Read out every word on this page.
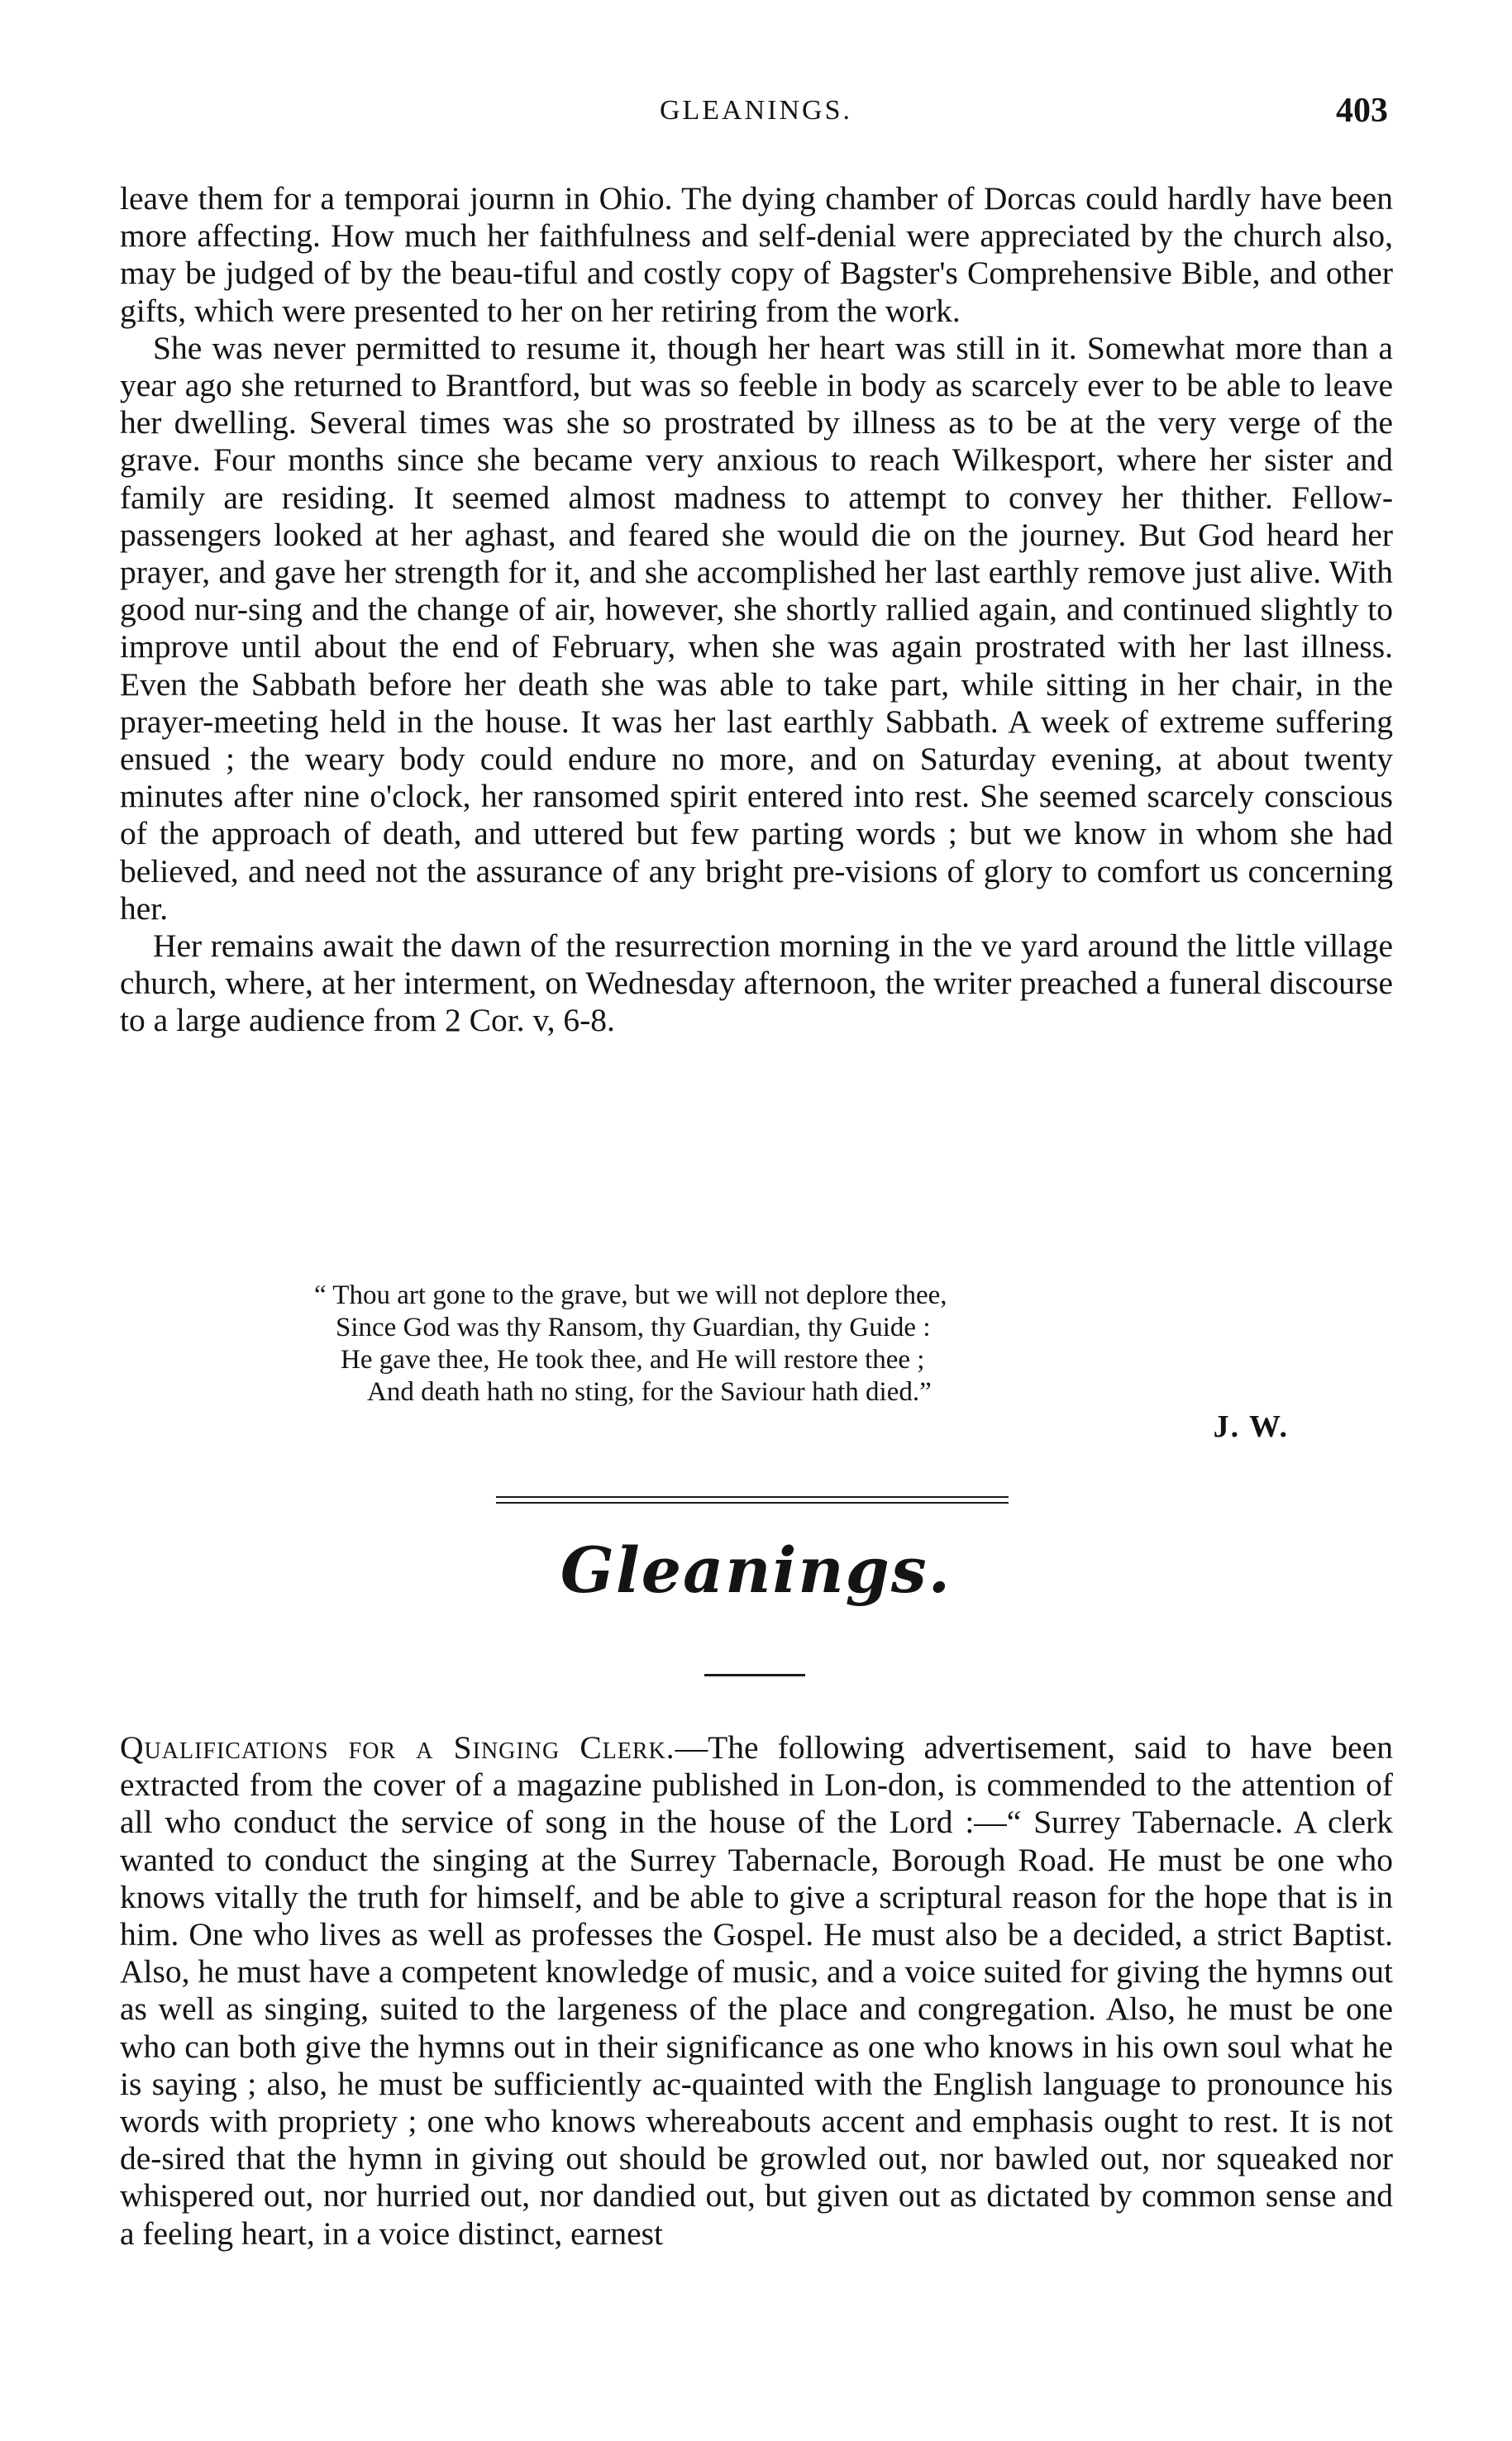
GLEANINGS.	403

leave them for a temporai journn in Ohio. The dying chamber of Dorcas could hardly have been more affecting. How much her faithfulness and self-denial were appreciated by the church also, may be judged of by the beau-tiful and costly copy of Bagster's Comprehensive Bible, and other gifts, which were presented to her on her retiring from the work.

She was never permitted to resume it, though her heart was still in it. Somewhat more than a year ago she returned to Brantford, but was so feeble in body as scarcely ever to be able to leave her dwelling. Several times was she so prostrated by illness as to be at the very verge of the grave. Four months since she became very anxious to reach Wilkesport, where her sister and family are residing. It seemed almost madness to attempt to convey her thither. Fellow-passengers looked at her aghast, and feared she would die on the journey. But God heard her prayer, and gave her strength for it, and she accomplished her last earthly remove just alive. With good nur-sing and the change of air, however, she shortly rallied again, and continued slightly to improve until about the end of February, when she was again prostrated with her last illness. Even the Sabbath before her death she was able to take part, while sitting in her chair, in the prayer-meeting held in the house. It was her last earthly Sabbath. A week of extreme suffering ensued ; the weary body could endure no more, and on Saturday evening, at about twenty minutes after nine o'clock, her ransomed spirit entered into rest. She seemed scarcely conscious of the approach of death, and uttered but few parting words ; but we know in whom she had believed, and need not the assurance of any bright pre-visions of glory to comfort us concerning her.

Her remains await the dawn of the resurrection morning in the ve yard around the little village church, where, at her interment, on Wednesday afternoon, the writer preached a funeral discourse to a large audience from 2 Cor. v, 6-8.

“ Thou art gone to the grave, but we will not deplore thee,
Since God was thy Ransom, thy Guardian, thy Guide :
He gave thee, He took thee, and He will restore thee ;
And death hath no sting, for the Saviour hath died.”
J. W.
Gleanings.

Qualifications for a Singing Clerk.—The following advertisement, said to have been extracted from the cover of a magazine published in Lon-don, is commended to the attention of all who conduct the service of song in the house of the Lord :—“ Surrey Tabernacle. A clerk wanted to conduct the singing at the Surrey Tabernacle, Borough Road. He must be one who knows vitally the truth for himself, and be able to give a scriptural reason for the hope that is in him. One who lives as well as professes the Gospel. He must also be a decided, a strict Baptist. Also, he must have a competent knowledge of music, and a voice suited for giving the hymns out as well as singing, suited to the largeness of the place and congregation. Also, he must be one who can both give the hymns out in their significance as one who knows in his own soul what he is saying ; also, he must be sufficiently ac-quainted with the English language to pronounce his words with propriety ; one who knows whereabouts accent and emphasis ought to rest. It is not de-sired that the hymn in giving out should be growled out, nor bawled out, nor squeaked nor whispered out, nor hurried out, nor dandied out, but given out as dictated by common sense and a feeling heart, in a voice distinct, earnest
